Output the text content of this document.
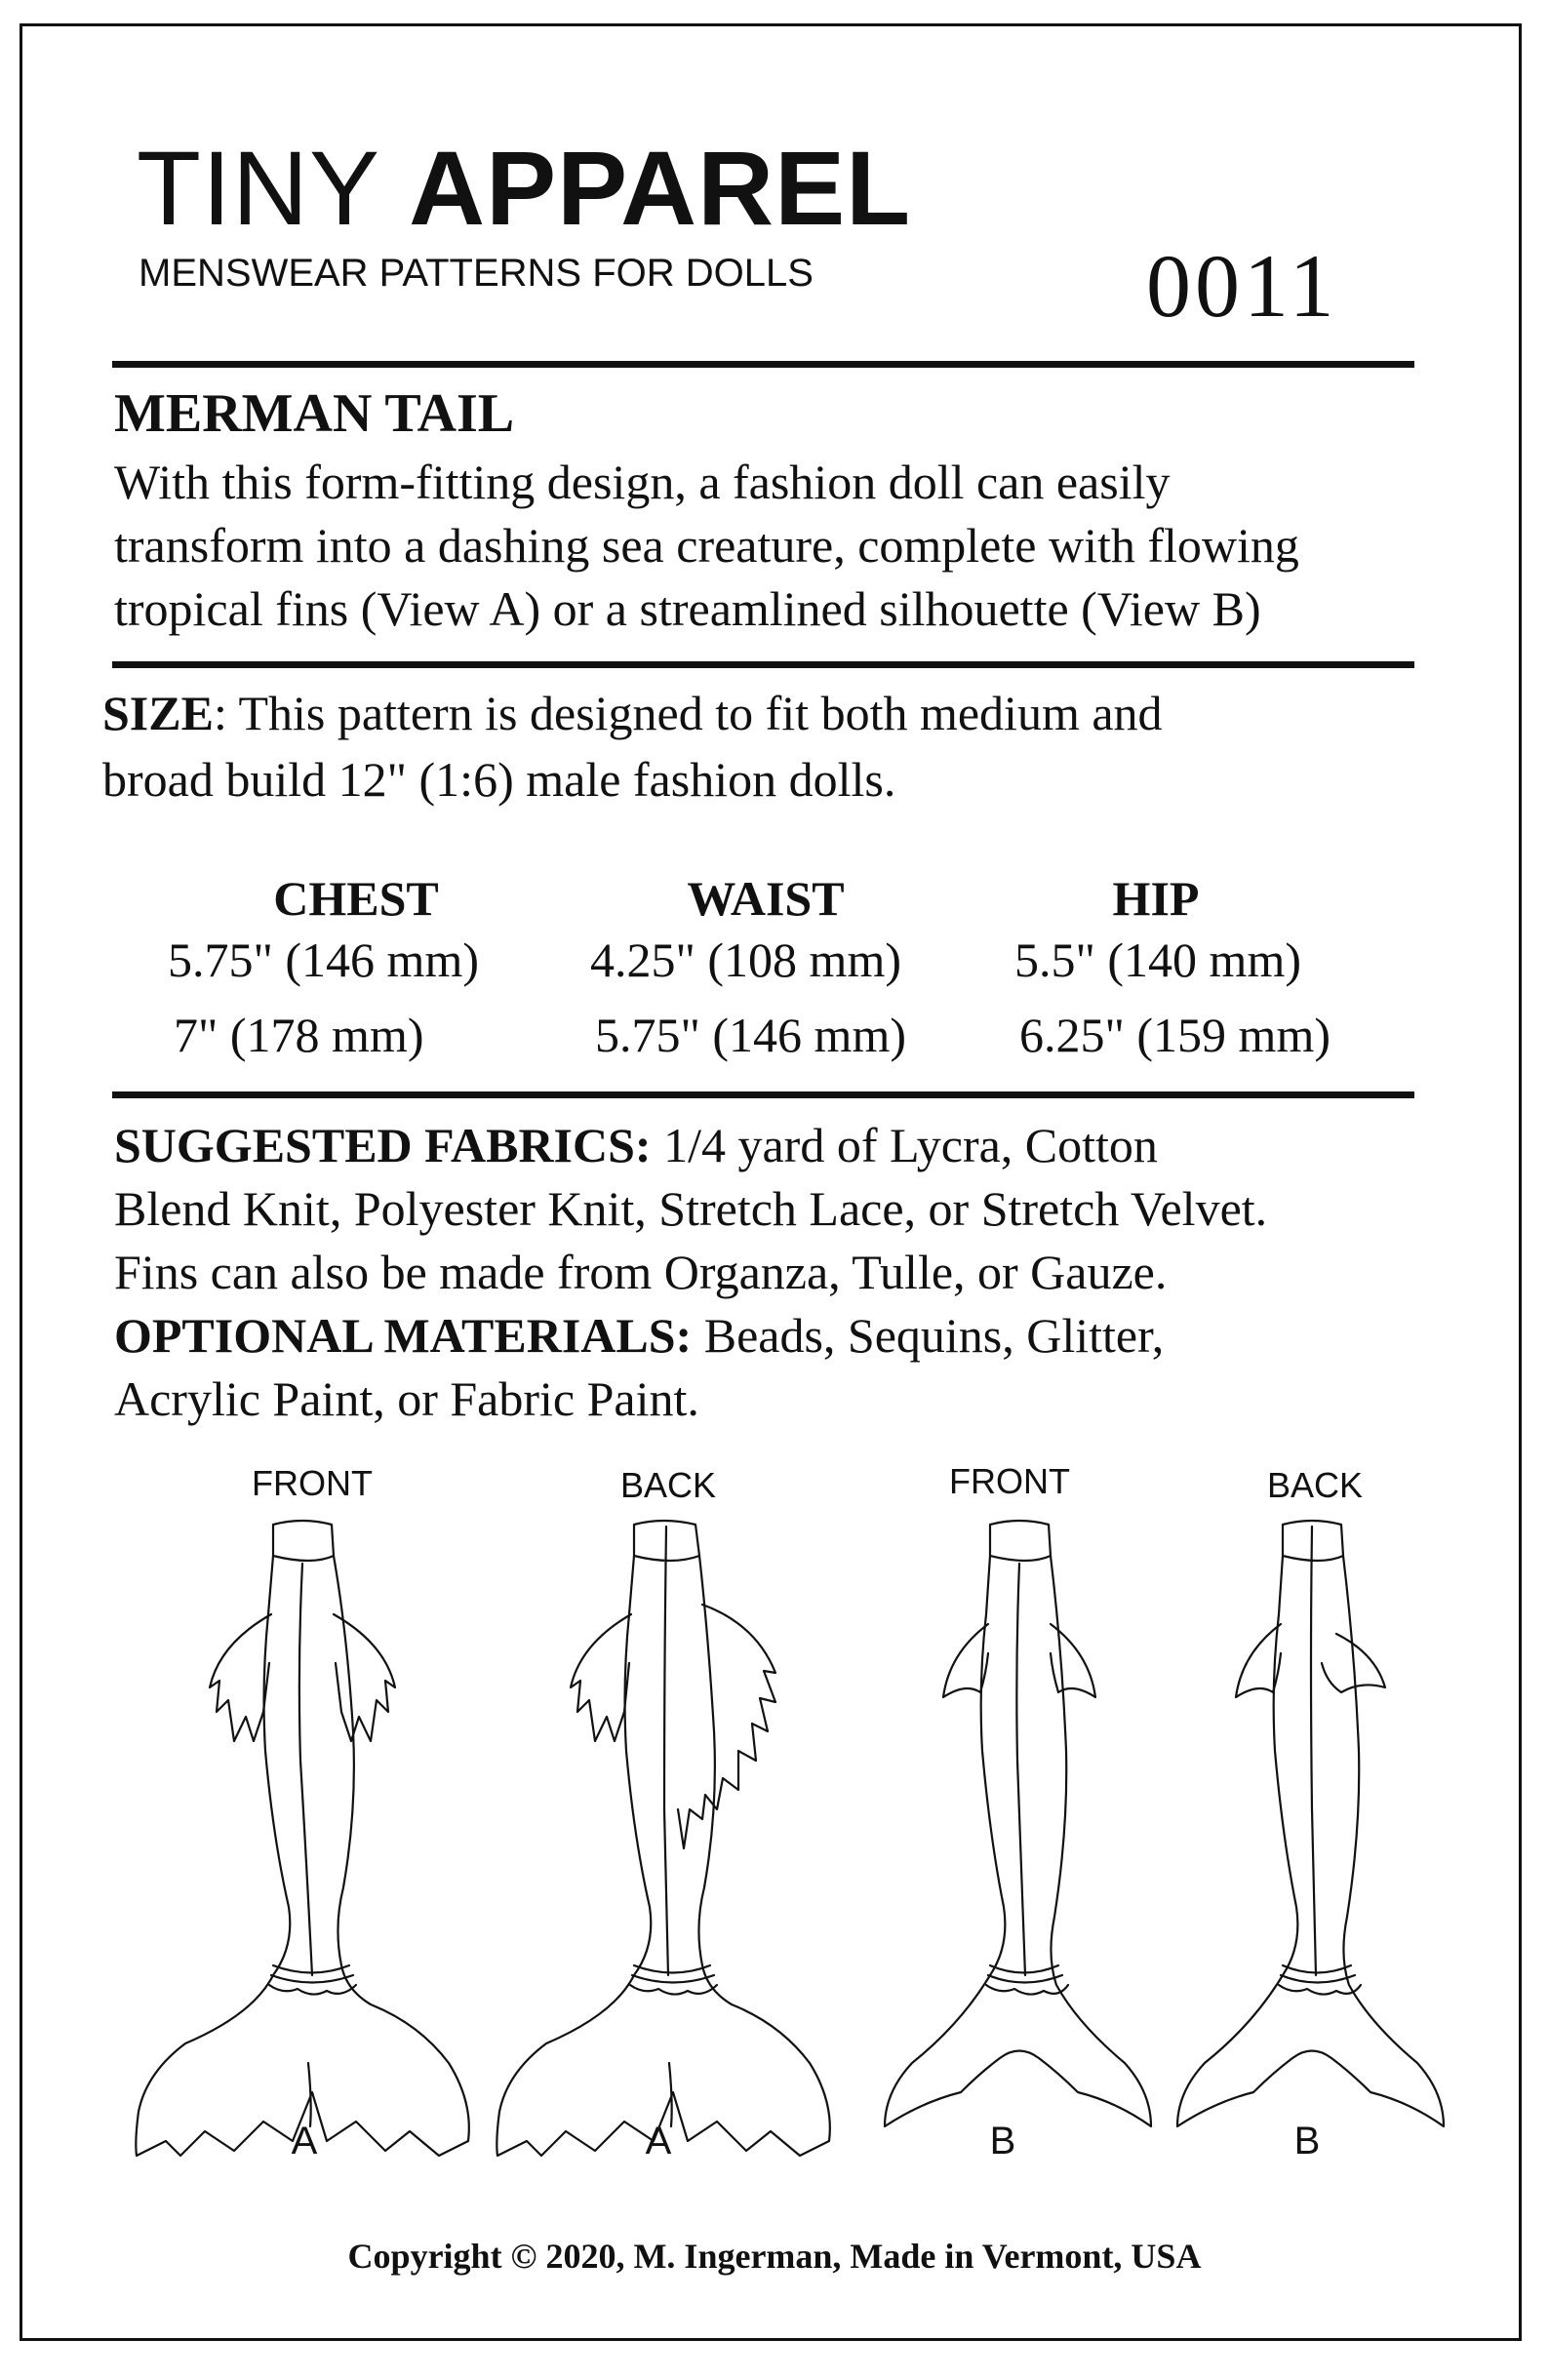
TINY APPAREL
MENSWEAR PATTERNS FOR DOLLS	0011
MERMAN TAIL
With this form-fitting design, a fashion doll can easily
transform into a dashing sea creature, complete with flowing
tropical fins (View A) or a streamlined silhouette (View B)
SIZE: This pattern is designed to fit both medium and
broad build 12" (1:6) male fashion dolls.
CHEST	WAIST	HIP
5.75" (146 mm) 4.25" (108 mm) 5.5" (140 mm)
7" (178 mm)	5.75" (146 mm) 6.25" (159 mm)
SUGGESTED FABRICS: 1/4 yard of Lycra, Cotton
Blend Knit, Polyester Knit, Stretch Lace, or Stretch Velvet.
Fins can also be made from Organza, Tulle, or Gauze.
OPTIONAL MATERIALS: Beads, Sequins, Glitter,
Acrylic Paint, or Fabric Paint.
FRONT	BACK	FRONT	BACK
A	A	B	B
Copyright © 2020, M. Ingerman, Made in Vermont, USA
